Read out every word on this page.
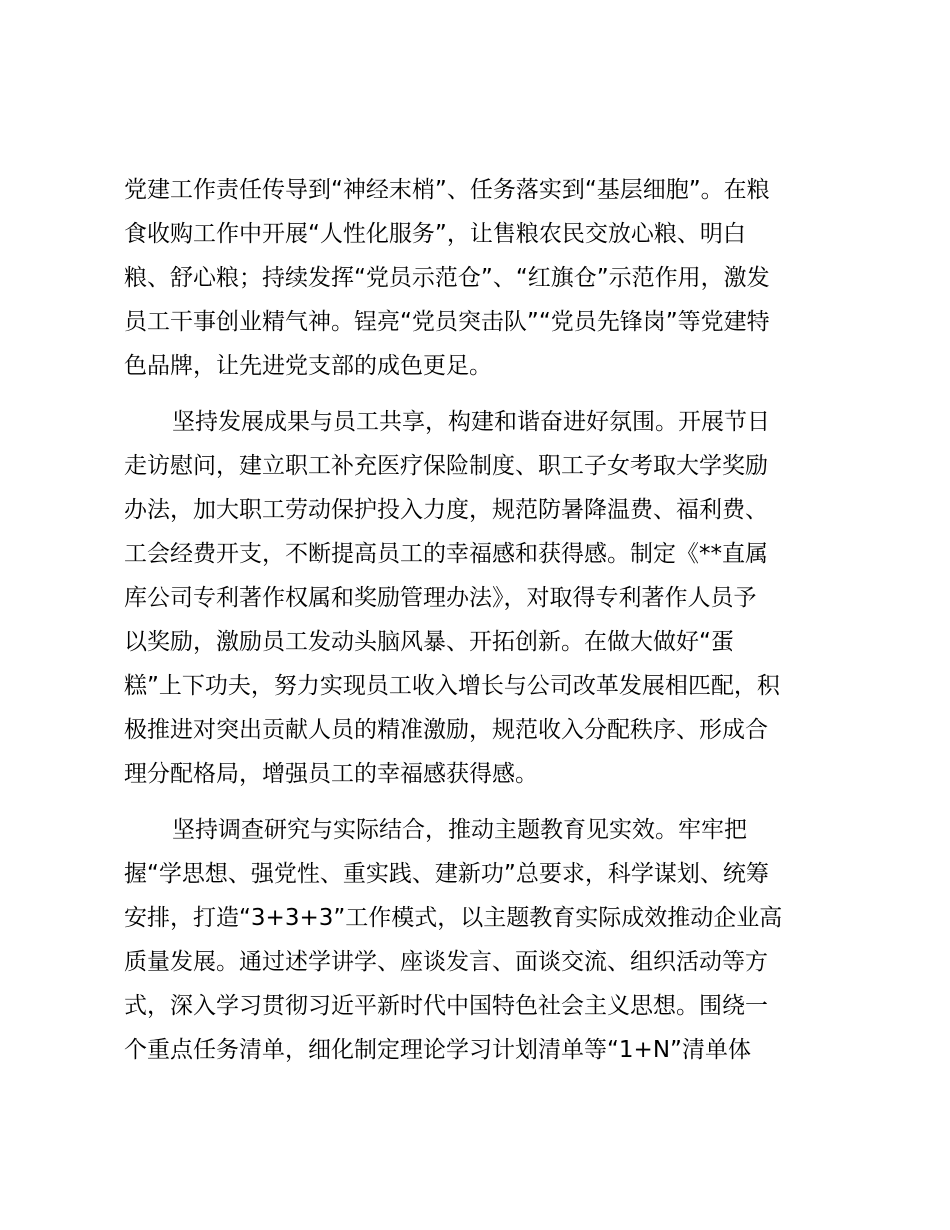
党建工作责任传导到“神经末梢”、任务落实到“基层细胞”。在粮
食收购工作中开展“人性化服务”，让售粮农民交放心粮、明白
粮、舒心粮；持续发挥“党员示范仓”、“红旗仓”示范作用，激发
员工干事创业精气神。锃亮“党员突击队”“党员先锋岗”等党建特
色品牌，让先进党支部的成色更足。
坚持发展成果与员工共享，构建和谐奋进好氛围。开展节日
走访慰问，建立职工补充医疗保险制度、职工子女考取大学奖励
办法，加大职工劳动保护投入力度，规范防暑降温费、福利费、
工会经费开支，不断提高员工的幸福感和获得感。制定《**直属
库公司专利著作权属和奖励管理办法》，对取得专利著作人员予
以奖励，激励员工发动头脑风暴、开拓创新。在做大做好“蛋
糕”上下功夫，努力实现员工收入增长与公司改革发展相匹配，积
极推进对突出贡献人员的精准激励，规范收入分配秩序、形成合
理分配格局，增强员工的幸福感获得感。
坚持调查研究与实际结合，推动主题教育见实效。牢牢把
握“学思想、强党性、重实践、建新功”总要求，科学谋划、统筹
安排，打造“3+3+3”工作模式，以主题教育实际成效推动企业高
质量发展。通过述学讲学、座谈发言、面谈交流、组织活动等方
式，深入学习贯彻习近平新时代中国特色社会主义思想。围绕一
个重点任务清单，细化制定理论学习计划清单等“1+N”清单体
